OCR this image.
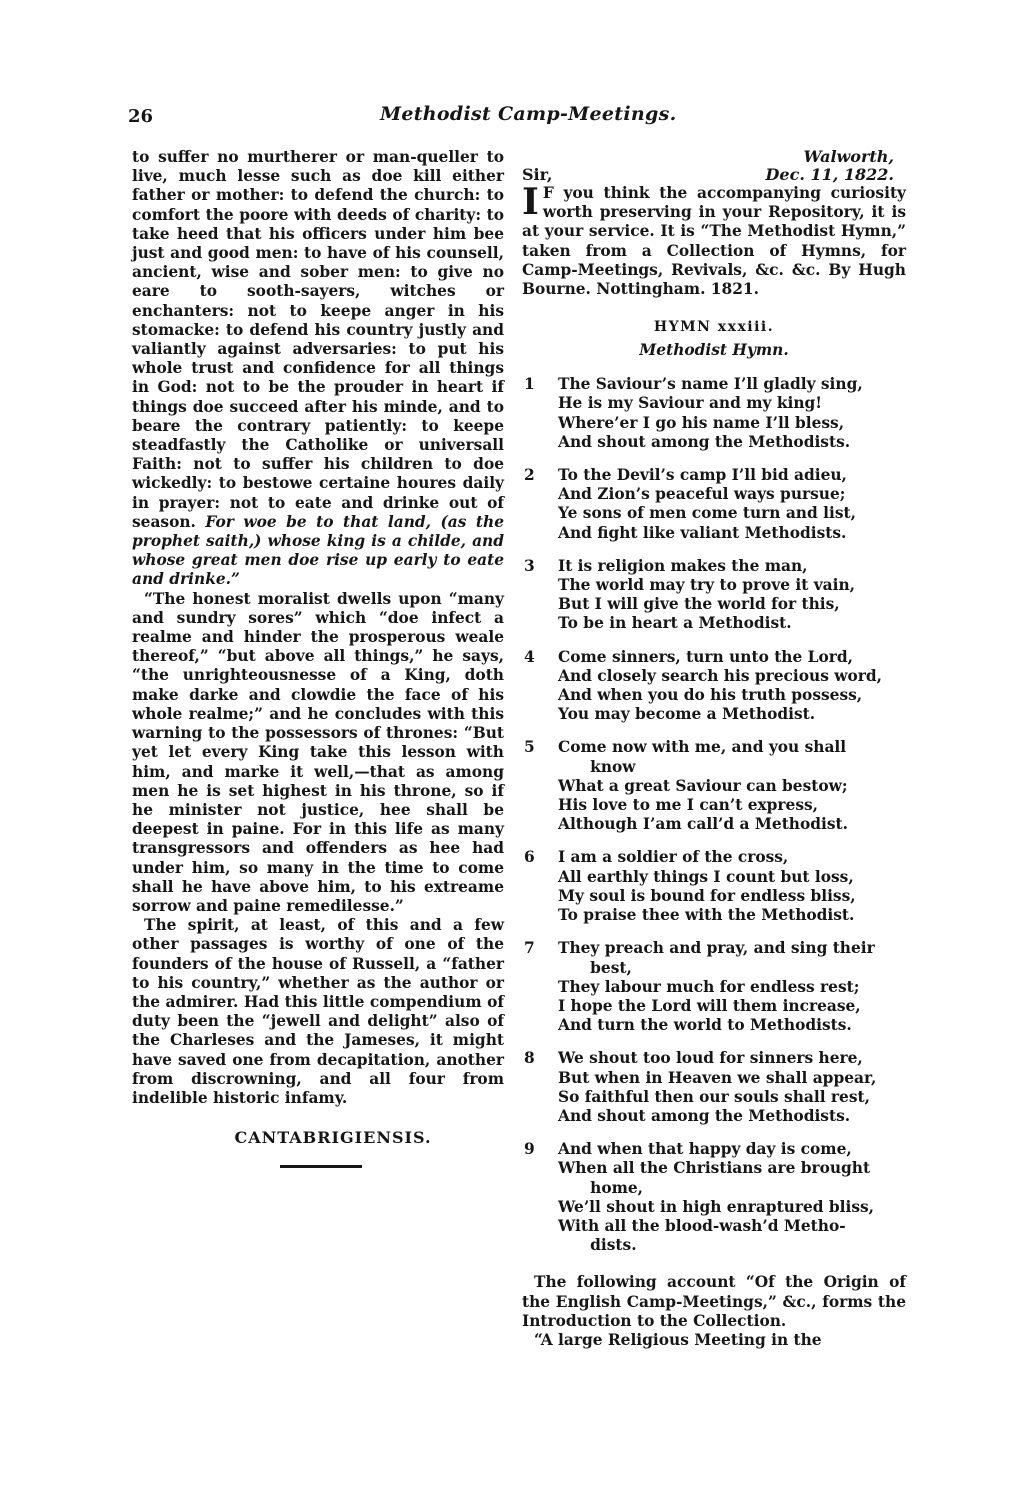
26	Methodist Camp-Meetings.

to suffer no murtherer or man-queller to live, much lesse such as doe kill either father or mother: to defend the church: to comfort the poore with deeds of charity: to take heed that his officers under him bee just and good men: to have of his counsell, ancient, wise and sober men: to give no eare to sooth-sayers, witches or enchanters: not to keepe anger in his stomacke: to defend his country justly and valiantly against adversaries: to put his whole trust and confidence for all things in God: not to be the prouder in heart if things doe succeed after his minde, and to beare the contrary patiently: to keepe steadfastly the Catholike or universall Faith: not to suffer his children to doe wickedly: to bestowe certaine houres daily in prayer: not to eate and drinke out of season. For woe be to that land, (as the prophet saith,) whose king is a childe, and whose great men doe rise up early to eate and drinke.”

“The honest moralist dwells upon “many and sundry sores” which “doe infect a realme and hinder the prosperous weale thereof,” “but above all things,” he says, “the unrighteousnesse of a King, doth make darke and clowdie the face of his whole realme;” and he concludes with this warning to the possessors of thrones: “But yet let every King take this lesson with him, and marke it well,—that as among men he is set highest in his throne, so if he minister not justice, hee shall be deepest in paine. For in this life as many transgressors and offenders as hee had under him, so many in the time to come shall he have above him, to his extreame sorrow and paine remedilesse.”

The spirit, at least, of this and a few other passages is worthy of one of the founders of the house of Russell, a “father to his country,” whether as the author or the admirer. Had this little compendium of duty been the “jewell and delight” also of the Charleses and the Jameses, it might have saved one from decapitation, another from discrowning, and all four from indelible historic infamy.

CANTABRIGIENSIS.
Walworth,
Sir,	Dec. 11, 1822.

I F you think the accompanying curiosity worth preserving in your Repository, it is at your service. It is “The Methodist Hymn,” taken from a Collection of Hymns, for Camp-Meetings, Revivals, &c. &c. By Hugh Bourne. Nottingham. 1821.

HYMN xxxiii.
Methodist Hymn.
1	The Saviour’s name I’ll gladly sing,
He is my Saviour and my king!
Where’er I go his name I’ll bless,
And shout among the Methodists.
2	To the Devil’s camp I’ll bid adieu,
And Zion’s peaceful ways pursue;
Ye sons of men come turn and list,
And fight like valiant Methodists.
3	It is religion makes the man,
The world may try to prove it vain,
But I will give the world for this,
To be in heart a Methodist.
4	Come sinners, turn unto the Lord,
And closely search his precious word,
And when you do his truth possess,
You may become a Methodist.
5	Come now with me, and you shall
know
What a great Saviour can bestow;
His love to me I can’t express,
Although I’am call’d a Methodist.
6	I am a soldier of the cross,
All earthly things I count but loss,
My soul is bound for endless bliss,
To praise thee with the Methodist.
7	They preach and pray, and sing their
best,
They labour much for endless rest;
I hope the Lord will them increase,
And turn the world to Methodists.
8	We shout too loud for sinners here,
But when in Heaven we shall appear,
So faithful then our souls shall rest,
And shout among the Methodists.
9	And when that happy day is come,
When all the Christians are brought
home,
We’ll shout in high enraptured bliss,
With all the blood-wash’d Metho-
dists.

The following account “Of the Origin of the English Camp-Meetings,” &c., forms the Introduction to the Collection.

“A large Religious Meeting in the
